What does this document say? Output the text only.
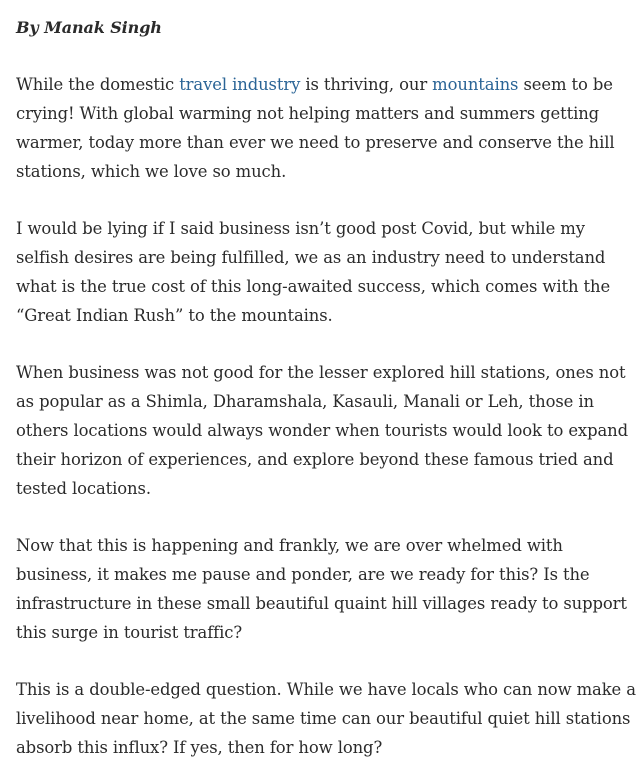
By Manak Singh

While the domestic travel industry is thriving, our mountains seem to be crying! With global warming not helping matters and summers getting warmer, today more than ever we need to preserve and conserve the hill stations, which we love so much.

I would be lying if I said business isn’t good post Covid, but while my selfish desires are being fulfilled, we as an industry need to understand what is the true cost of this long-awaited success, which comes with the “Great Indian Rush” to the mountains.

When business was not good for the lesser explored hill stations, ones not as popular as a Shimla, Dharamshala, Kasauli, Manali or Leh, those in others locations would always wonder when tourists would look to expand their horizon of experiences, and explore beyond these famous tried and tested locations.

Now that this is happening and frankly, we are over whelmed with business, it makes me pause and ponder, are we ready for this? Is the infrastructure in these small beautiful quaint hill villages ready to support this surge in tourist traffic?

This is a double-edged question. While we have locals who can now make a livelihood near home, at the same time can our beautiful quiet hill stations absorb this influx? If yes, then for how long?
